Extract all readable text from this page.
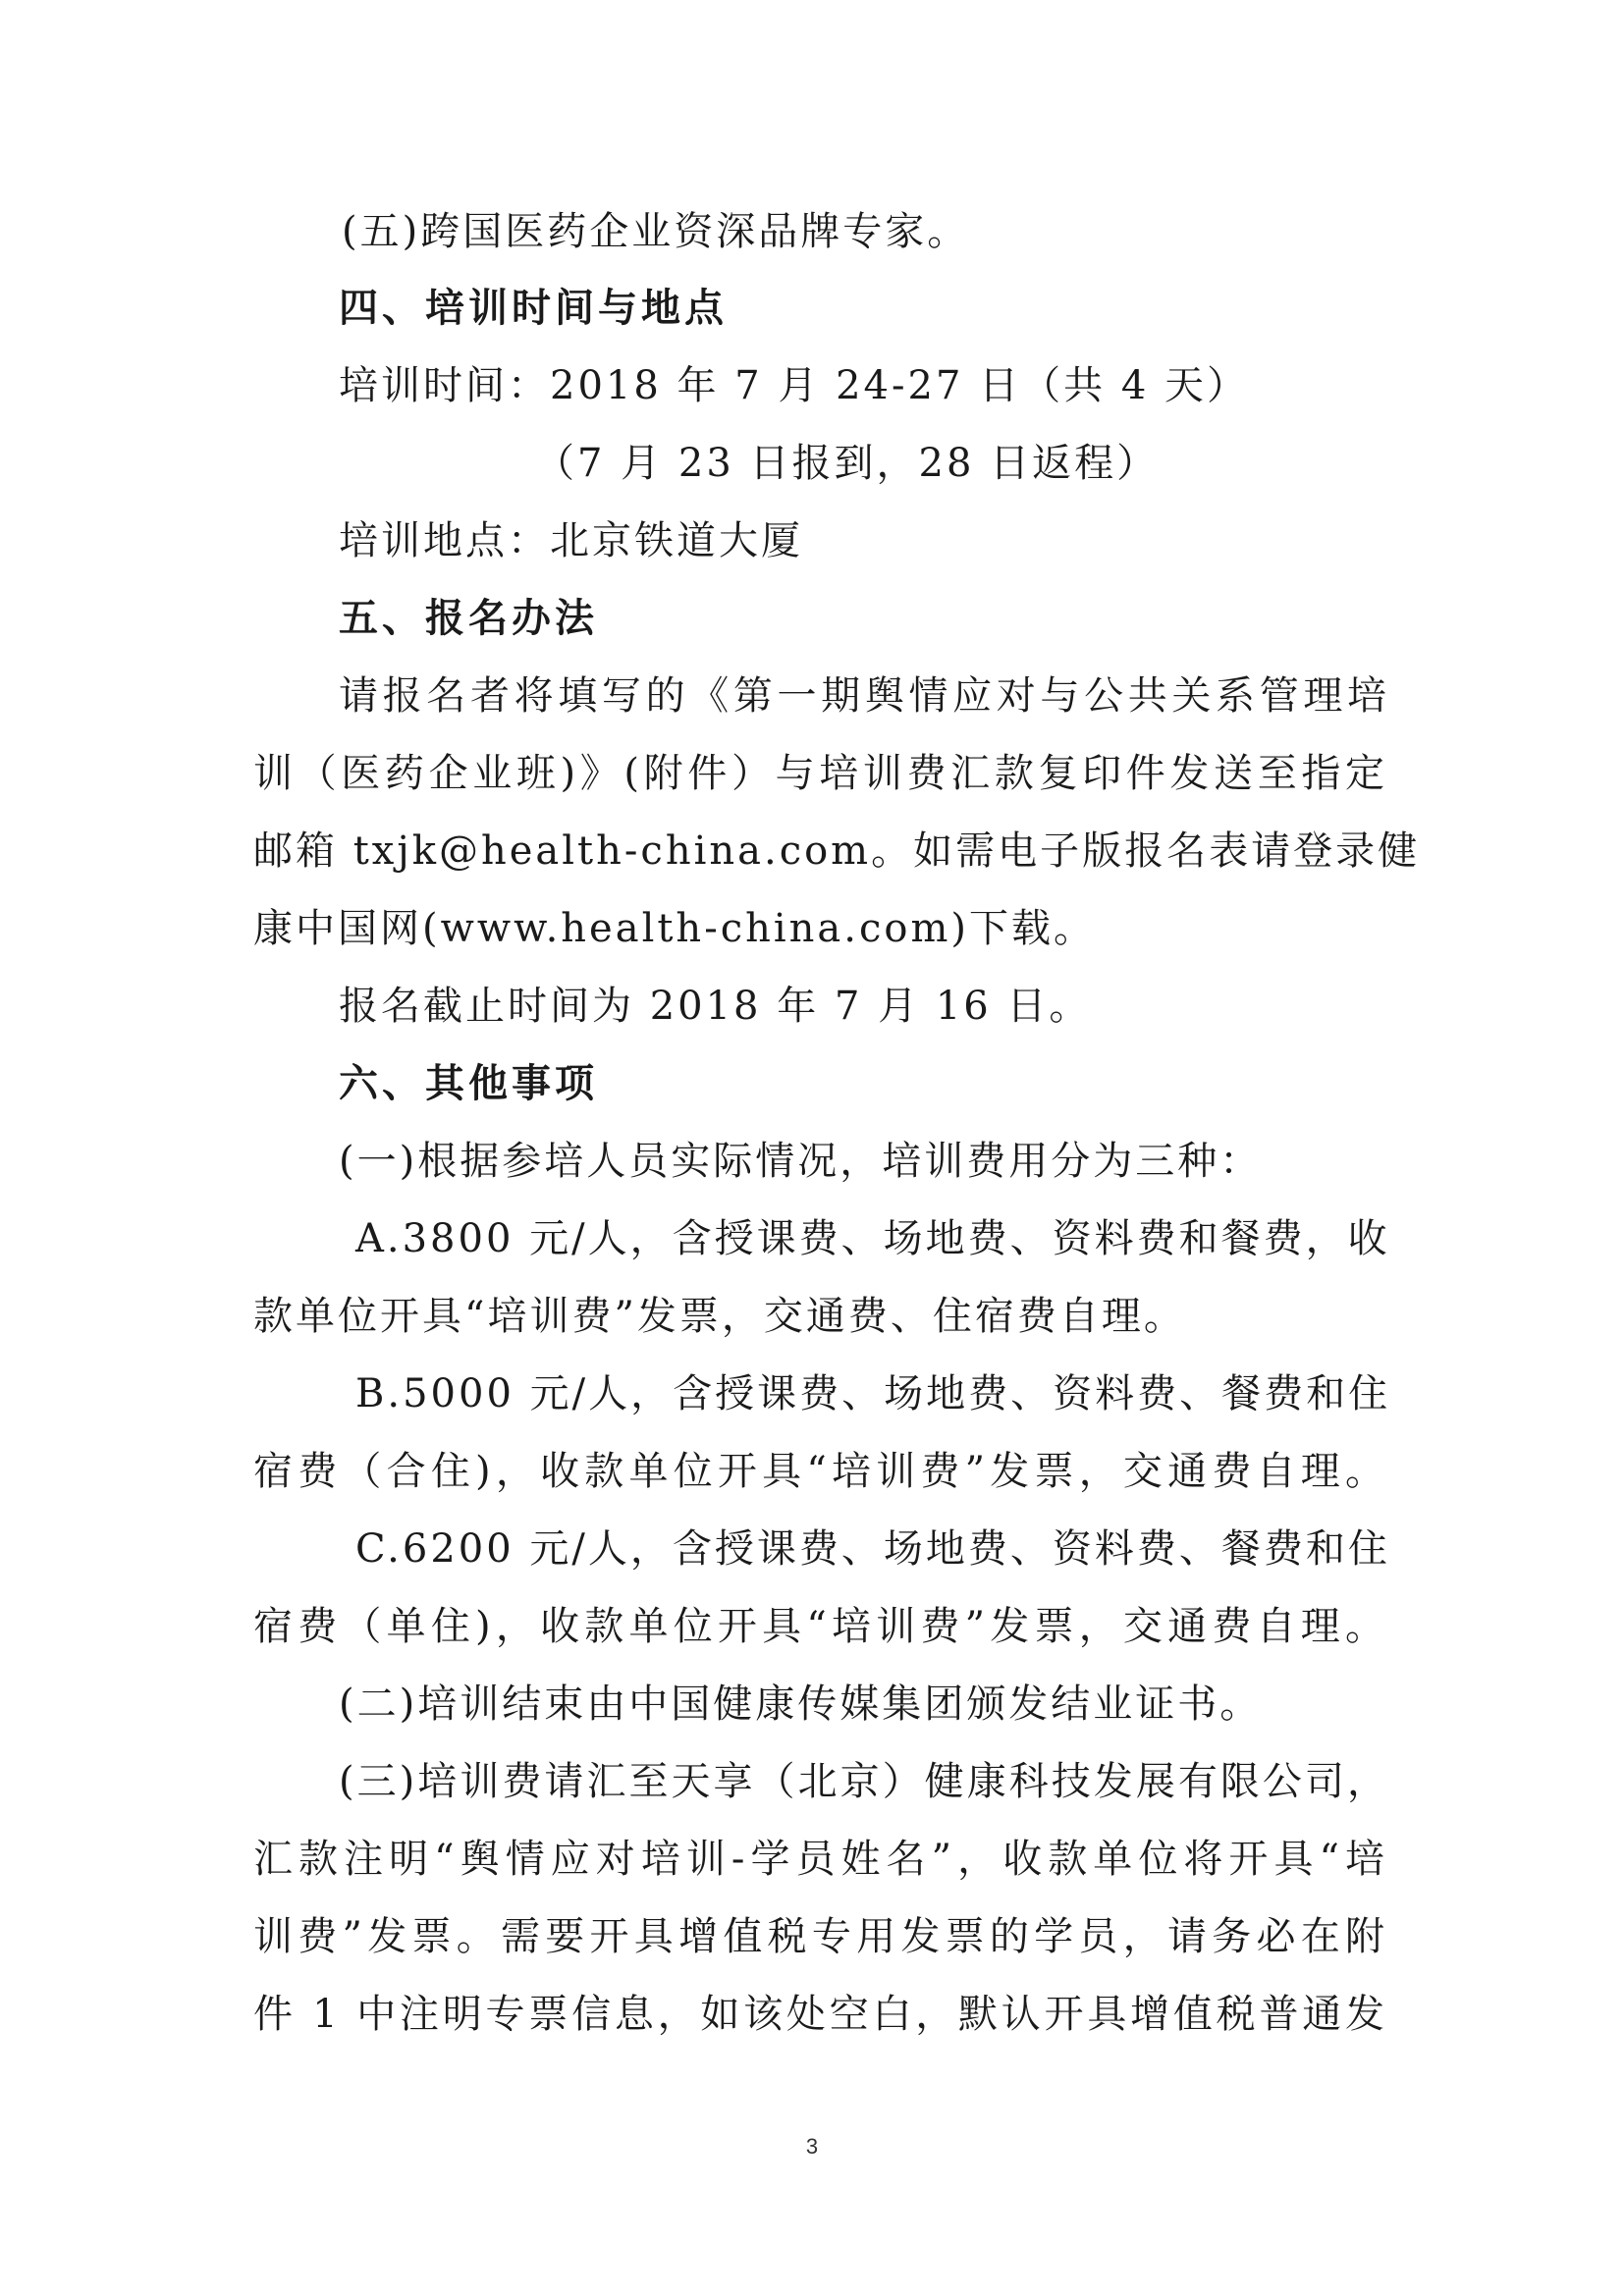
(五)跨国医药企业资深品牌专家。
四、培训时间与地点
培训时间：2018 年 7 月 24-27 日（共 4 天）
（7 月 23 日报到，28 日返程）
培训地点：北京铁道大厦
五、报名办法
请报名者将填写的《第一期舆情应对与公共关系管理培
训（医药企业班)》(附件）与培训费汇款复印件发送至指定
邮箱 txjk@health-china.com。如需电子版报名表请登录健
康中国网(www.health-china.com)下载。
报名截止时间为 2018 年 7 月 16 日。
六、其他事项
(一)根据参培人员实际情况，培训费用分为三种：
A.3800 元/人，含授课费、场地费、资料费和餐费，收
款单位开具“培训费”发票，交通费、住宿费自理。
B.5000 元/人，含授课费、场地费、资料费、餐费和住
宿费（合住)，收款单位开具“培训费”发票，交通费自理。
C.6200 元/人，含授课费、场地费、资料费、餐费和住
宿费（单住)，收款单位开具“培训费”发票，交通费自理。
(二)培训结束由中国健康传媒集团颁发结业证书。
(三)培训费请汇至天享（北京）健康科技发展有限公司，
汇款注明“舆情应对培训-学员姓名”，收款单位将开具“培
训费”发票。需要开具增值税专用发票的学员，请务必在附
件 1 中注明专票信息，如该处空白，默认开具增值税普通发
3
